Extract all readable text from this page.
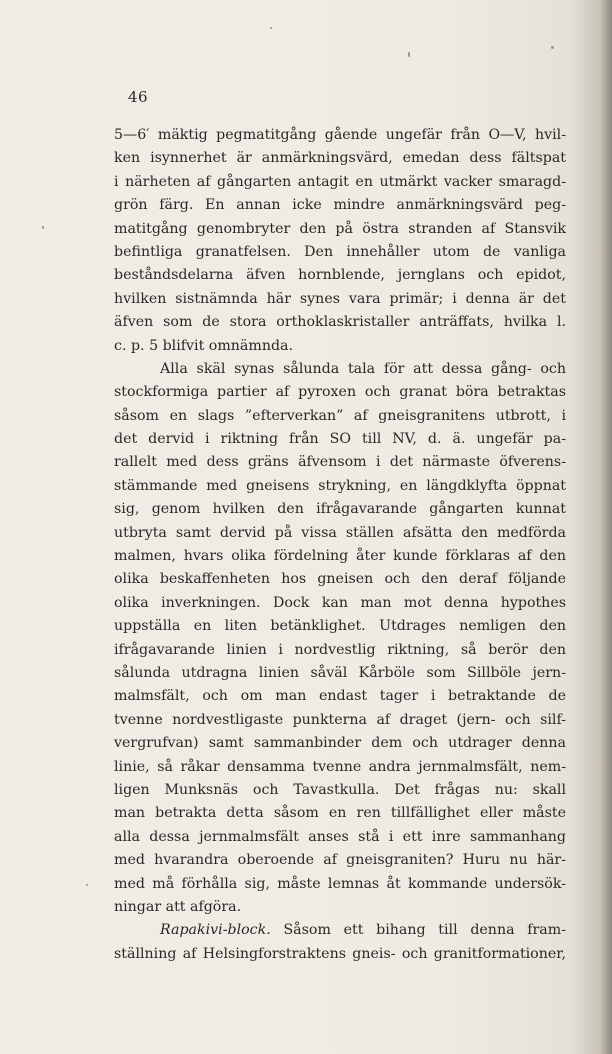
46
5—6′ mäktig pegmatitgång gående ungefär från O—V, hvil-
ken isynnerhet är anmärkningsvärd, emedan dess fältspat
i närheten af gångarten antagit en utmärkt vacker smaragd-
grön färg. En annan icke mindre anmärkningsvärd peg-
matitgång genombryter den på östra stranden af Stansvik
befintliga granatfelsen. Den innehåller utom de vanliga
beståndsdelarna äfven hornblende, jernglans och epidot,
hvilken sistnämnda här synes vara primär; i denna är det
äfven som de stora orthoklaskristaller anträffats, hvilka l.
c. p. 5 blifvit omnämnda.
Alla skäl synas sålunda tala för att dessa gång- och
stockformiga partier af pyroxen och granat böra betraktas
såsom en slags ”efterverkan” af gneisgranitens utbrott, i
det dervid i riktning från SO till NV, d. ä. ungefär pa-
rallelt med dess gräns äfvensom i det närmaste öfverens-
stämmande med gneisens strykning, en längdklyfta öppnat
sig, genom hvilken den ifrågavarande gångarten kunnat
utbryta samt dervid på vissa ställen afsätta den medförda
malmen, hvars olika fördelning åter kunde förklaras af den
olika beskaffenheten hos gneisen och den deraf följande
olika inverkningen. Dock kan man mot denna hypothes
uppställa en liten betänklighet. Utdrages nemligen den
ifrågavarande linien i nordvestlig riktning, så berör den
sålunda utdragna linien såväl Kårböle som Sillböle jern-
malmsfält, och om man endast tager i betraktande de
tvenne nordvestligaste punkterna af draget (jern- och silf-
vergrufvan) samt sammanbinder dem och utdrager denna
linie, så råkar densamma tvenne andra jernmalmsfält, nem-
ligen Munksnäs och Tavastkulla. Det frågas nu: skall
man betrakta detta såsom en ren tillfällighet eller måste
alla dessa jernmalmsfält anses stå i ett inre sammanhang
med hvarandra oberoende af gneisgraniten? Huru nu här-
med må förhålla sig, måste lemnas åt kommande undersök-
ningar att afgöra.
Rapakivi-block. Såsom ett bihang till denna fram-
ställning af Helsingforstraktens gneis- och granitformationer,
